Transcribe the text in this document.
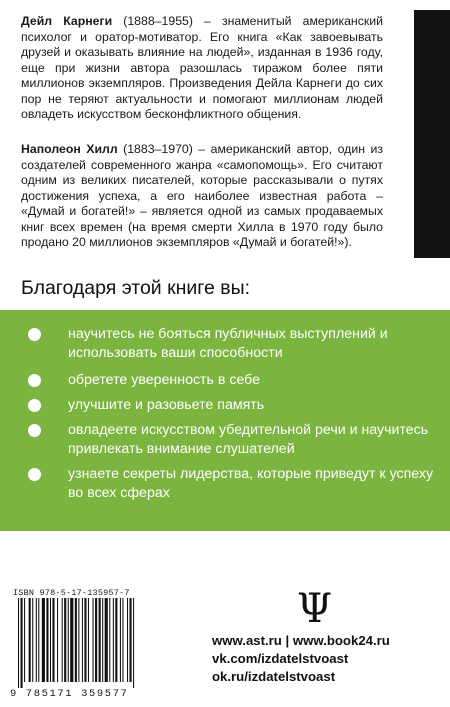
Дейл Карнеги (1888–1955) – знаменитый американский психолог и оратор-мотиватор. Его книга «Как завоевывать друзей и оказывать влияние на людей», изданная в 1936 году, еще при жизни автора разошлась тиражом более пяти миллионов экземпляров. Произведения Дейла Карнеги до сих пор не теряют актуальности и помогают миллионам людей овладеть искусством бесконфликтного общения.
Наполеон Хилл (1883–1970) – американский автор, один из создателей современного жанра «самопомощь». Его считают одним из великих писателей, которые рассказывали о путях достижения успеха, а его наиболее известная работа – «Думай и богатей!» – является одной из самых продаваемых книг всех времен (на время смерти Хилла в 1970 году было продано 20 миллионов экземпляров «Думай и богатей!»).
Благодаря этой книге вы:
научитесь не бояться публичных выступлений и использовать ваши способности
обретете уверенность в себе
улучшите и разовьете память
овладеете искусством убедительной речи и научитесь привлекать внимание слушателей
узнаете секреты лидерства, которые приведут к успеху во всех сферах
ISBN 978-5-17-135957-7
9 785171 359577
Ψ
www.ast.ru | www.book24.ru
vk.com/izdatelstvoast
ok.ru/izdatelstvoast
